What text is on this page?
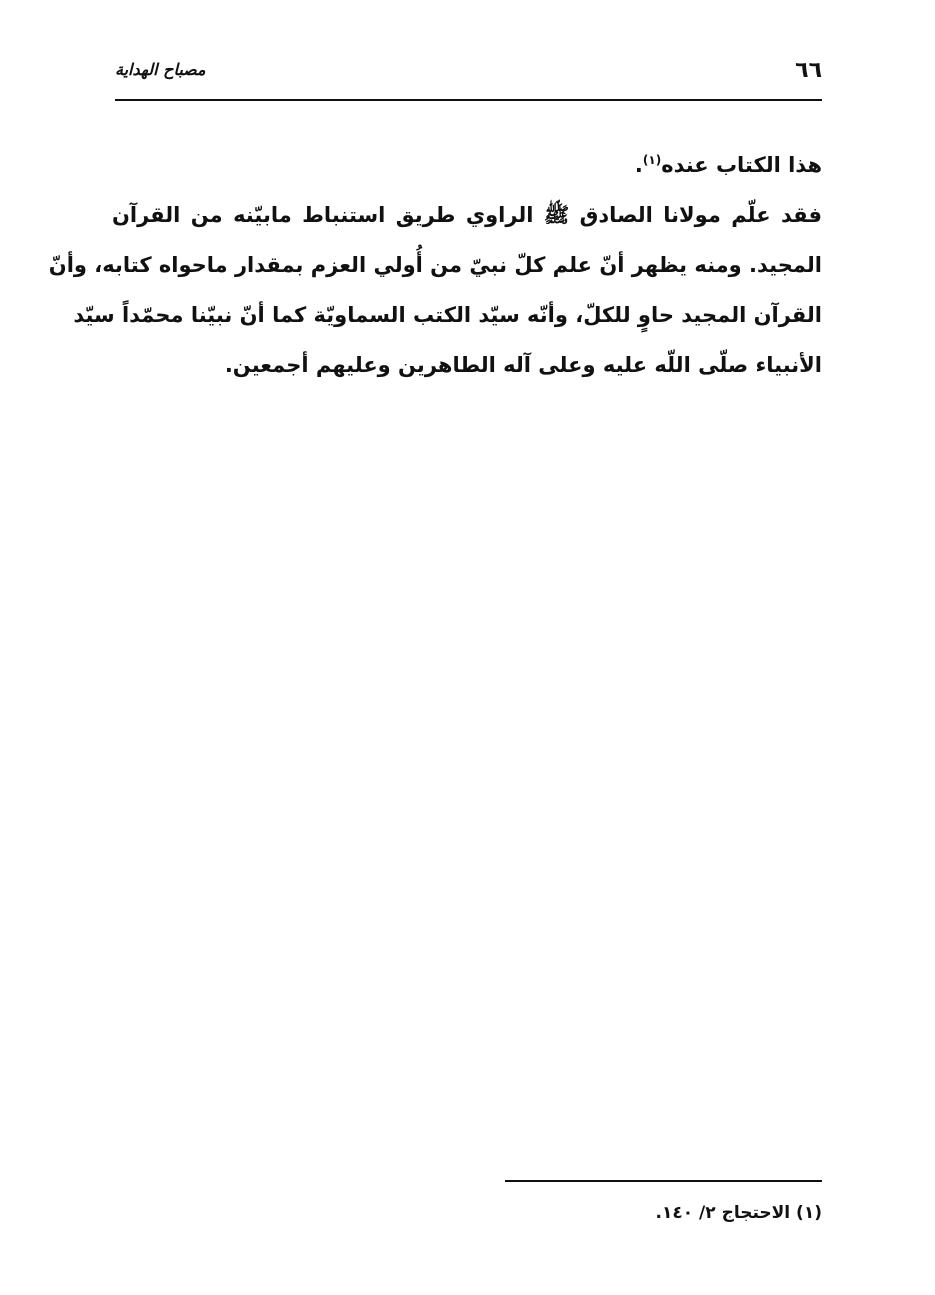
٦٦
مصباح الهداية
هذا الكتاب عنده$^{(١)}$.
فقد علّم مولانا الصادق ﷺ الراوي طريق استنباط مابيّنه من القرآن
المجيد. ومنه يظهر أنّ علم كلّ نبيّ من أُولي العزم بمقدار ماحواه كتابه، وأنّ
القرآن المجيد حاوٍ للكلّ، وأنّه سيّد الكتب السماويّة كما أنّ نبيّنا محمّداً سيّد
الأنبياء صلّى اللّه عليه وعلى آله الطاهرين وعليهم أجمعين.
(١) الاحتجاج ٢/ ١٤٠.
